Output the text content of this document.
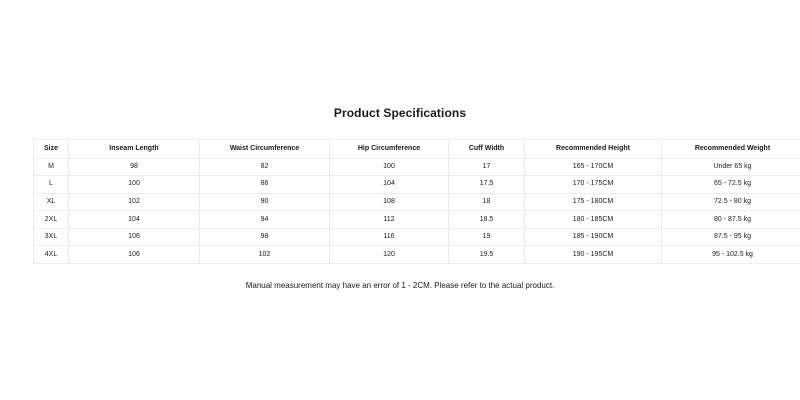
Product Specifications
Size	Inseam Length	Waist Circumference	Hip Circumference	Cuff Width	Recommended Height	Recommended Weight
M	98	82	100	17	165 - 170CM	Under 65 kg
L	100	86	104	17.5	170 - 175CM	65 - 72.5 kg
XL	102	90	108	18	175 - 180CM	72.5 - 80 kg
2XL	104	94	112	18.5	180 - 185CM	80 - 87.5 kg
3XL	106	98	116	19	185 - 190CM	87.5 - 95 kg
4XL	106	102	120	19.5	190 - 195CM	95 - 102.5 kg
Manual measurement may have an error of 1 - 2CM. Please refer to the actual product.
